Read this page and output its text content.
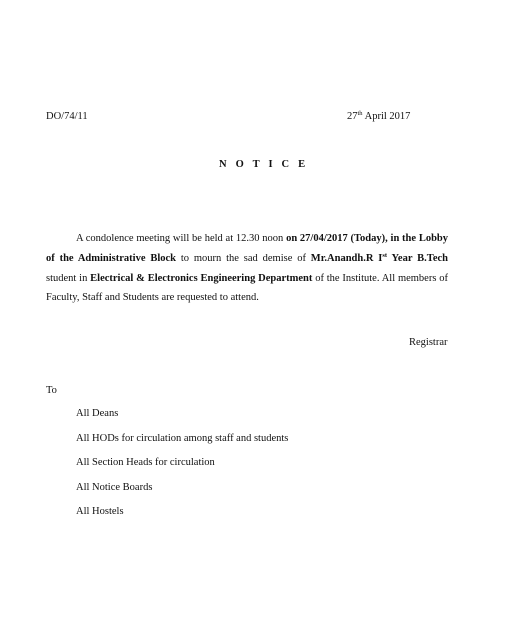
DO/74/11	27th April 2017
N O T I C E
A condolence meeting will be held at 12.30 noon on 27/04/2017 (Today), in the Lobby of the Administrative Block to mourn the sad demise of Mr.Anandh.R Ist Year B.Tech student in Electrical & Electronics Engineering Department of the Institute. All members of Faculty, Staff and Students are requested to attend.
Registrar
To
All Deans
All HODs for circulation among staff and students
All Section Heads for circulation
All Notice Boards
All Hostels
